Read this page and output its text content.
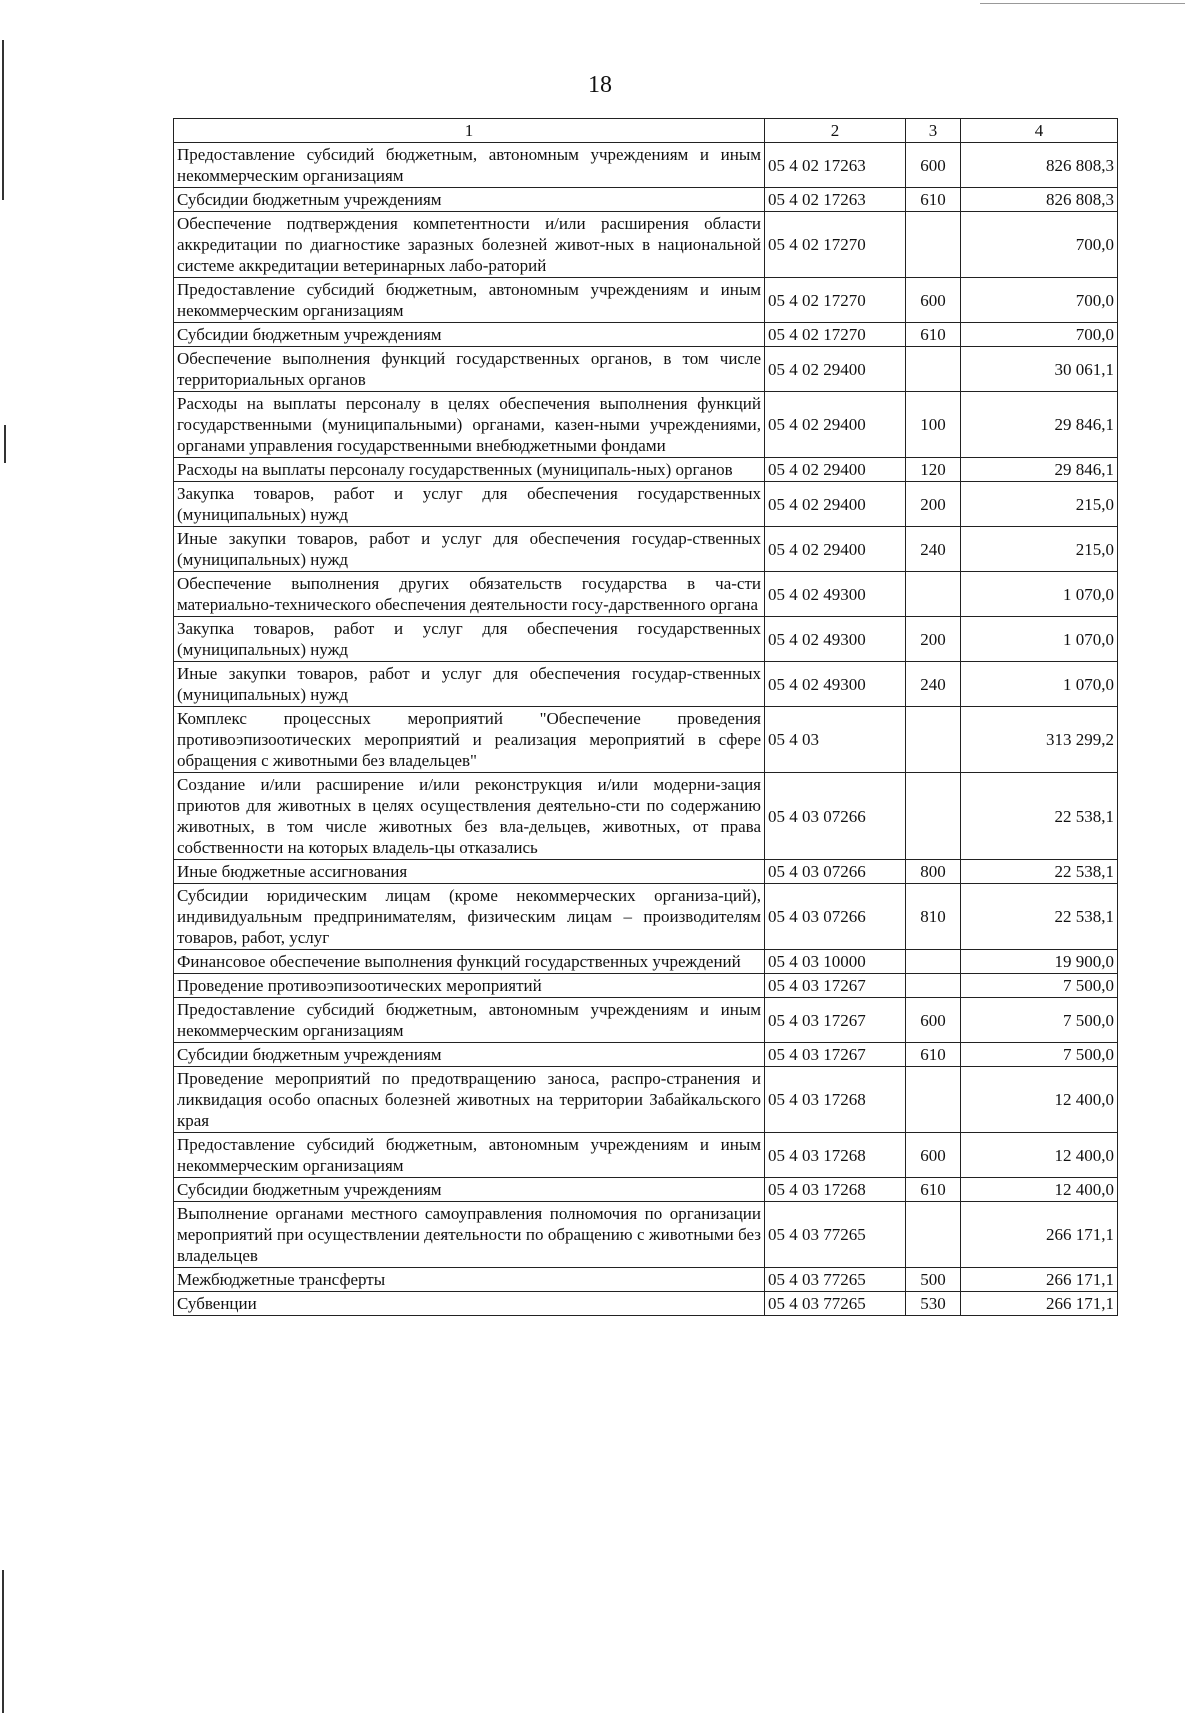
18
1	2	3	4
Предоставление субсидий бюджетным, автономным учреждениям и иным некоммерческим организациям	05 4 02 17263	600	826 808,3
Субсидии бюджетным учреждениям	05 4 02 17263	610	826 808,3
Обеспечение подтверждения компетентности и/или расширения области аккредитации по диагностике заразных болезней живот-ных в национальной системе аккредитации ветеринарных лабо-раторий	05 4 02 17270		700,0
Предоставление субсидий бюджетным, автономным учреждениям и иным некоммерческим организациям	05 4 02 17270	600	700,0
Субсидии бюджетным учреждениям	05 4 02 17270	610	700,0
Обеспечение выполнения функций государственных органов, в том числе территориальных органов	05 4 02 29400		30 061,1
Расходы на выплаты персоналу в целях обеспечения выполнения функций государственными (муниципальными) органами, казен-ными учреждениями, органами управления государственными внебюджетными фондами	05 4 02 29400	100	29 846,1
Расходы на выплаты персоналу государственных (муниципаль-ных) органов	05 4 02 29400	120	29 846,1
Закупка товаров, работ и услуг для обеспечения государственных (муниципальных) нужд	05 4 02 29400	200	215,0
Иные закупки товаров, работ и услуг для обеспечения государ-ственных (муниципальных) нужд	05 4 02 29400	240	215,0
Обеспечение выполнения других обязательств государства в ча-сти материально-технического обеспечения деятельности госу-дарственного органа	05 4 02 49300		1 070,0
Закупка товаров, работ и услуг для обеспечения государственных (муниципальных) нужд	05 4 02 49300	200	1 070,0
Иные закупки товаров, работ и услуг для обеспечения государ-ственных (муниципальных) нужд	05 4 02 49300	240	1 070,0
Комплекс процессных мероприятий "Обеспечение проведения противоэпизоотических мероприятий и реализация мероприятий в сфере обращения с животными без владельцев"	05 4 03		313 299,2
Создание и/или расширение и/или реконструкция и/или модерни-зация приютов для животных в целях осуществления деятельно-сти по содержанию животных, в том числе животных без вла-дельцев, животных, от права собственности на которых владель-цы отказались	05 4 03 07266		22 538,1
Иные бюджетные ассигнования	05 4 03 07266	800	22 538,1
Субсидии юридическим лицам (кроме некоммерческих организа-ций), индивидуальным предпринимателям, физическим лицам – производителям товаров, работ, услуг	05 4 03 07266	810	22 538,1
Финансовое обеспечение выполнения функций государственных учреждений	05 4 03 10000		19 900,0
Проведение противоэпизоотических мероприятий	05 4 03 17267		7 500,0
Предоставление субсидий бюджетным, автономным учреждениям и иным некоммерческим организациям	05 4 03 17267	600	7 500,0
Субсидии бюджетным учреждениям	05 4 03 17267	610	7 500,0
Проведение мероприятий по предотвращению заноса, распро-странения и ликвидация особо опасных болезней животных на территории Забайкальского края	05 4 03 17268		12 400,0
Предоставление субсидий бюджетным, автономным учреждениям и иным некоммерческим организациям	05 4 03 17268	600	12 400,0
Субсидии бюджетным учреждениям	05 4 03 17268	610	12 400,0
Выполнение органами местного самоуправления полномочия по организации мероприятий при осуществлении деятельности по обращению с животными без владельцев	05 4 03 77265		266 171,1
Межбюджетные трансферты	05 4 03 77265	500	266 171,1
Субвенции	05 4 03 77265	530	266 171,1
